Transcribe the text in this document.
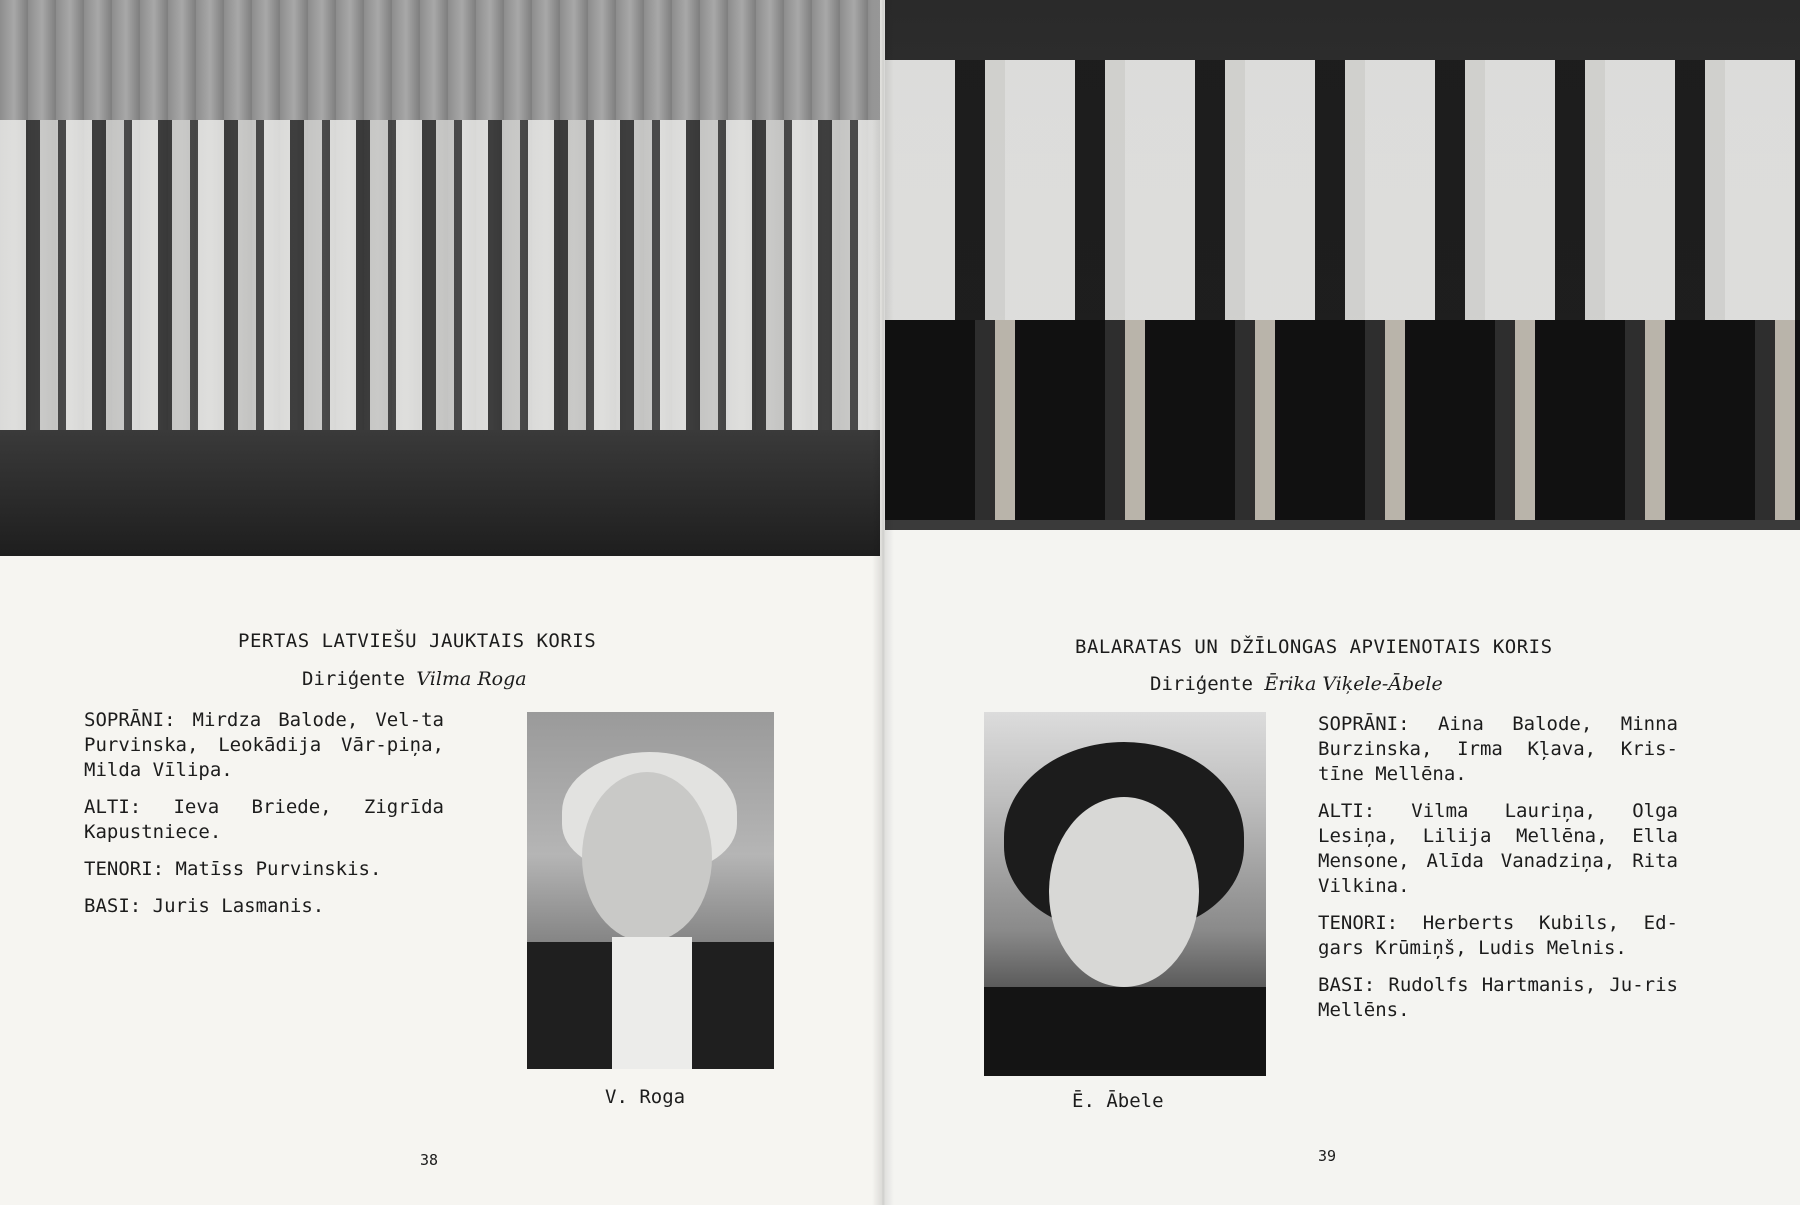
PERTAS LATVIEŠU JAUKTAIS KORIS
Diriģente Vilma Roga

SOPRĀNI: Mirdza Balode, Vel-ta Purvinska, Leokādija Vār-piņa, Milda Vīlipa.

ALTI: Ieva Briede, Zigrīda Kapustniece.

TENORI: Matīss Purvinskis.

BASI: Juris Lasmanis.

V. Roga
38
BALARATAS UN DŽĪLONGAS APVIENOTAIS KORIS
Diriģente Ērika Viķele-Ābele

SOPRĀNI: Aina Balode, Minna Burzinska, Irma Kļava, Kris-tīne Mellēna.

ALTI: Vilma Lauriņa, Olga Lesiņa, Lilija Mellēna, Ella Mensone, Alīda Vanadziņa, Rita Vilkina.

TENORI: Herberts Kubils, Ed-gars Krūmiņš, Ludis Melnis.

BASI: Rudolfs Hartmanis, Ju-ris Mellēns.

Ē. Ābele
39
